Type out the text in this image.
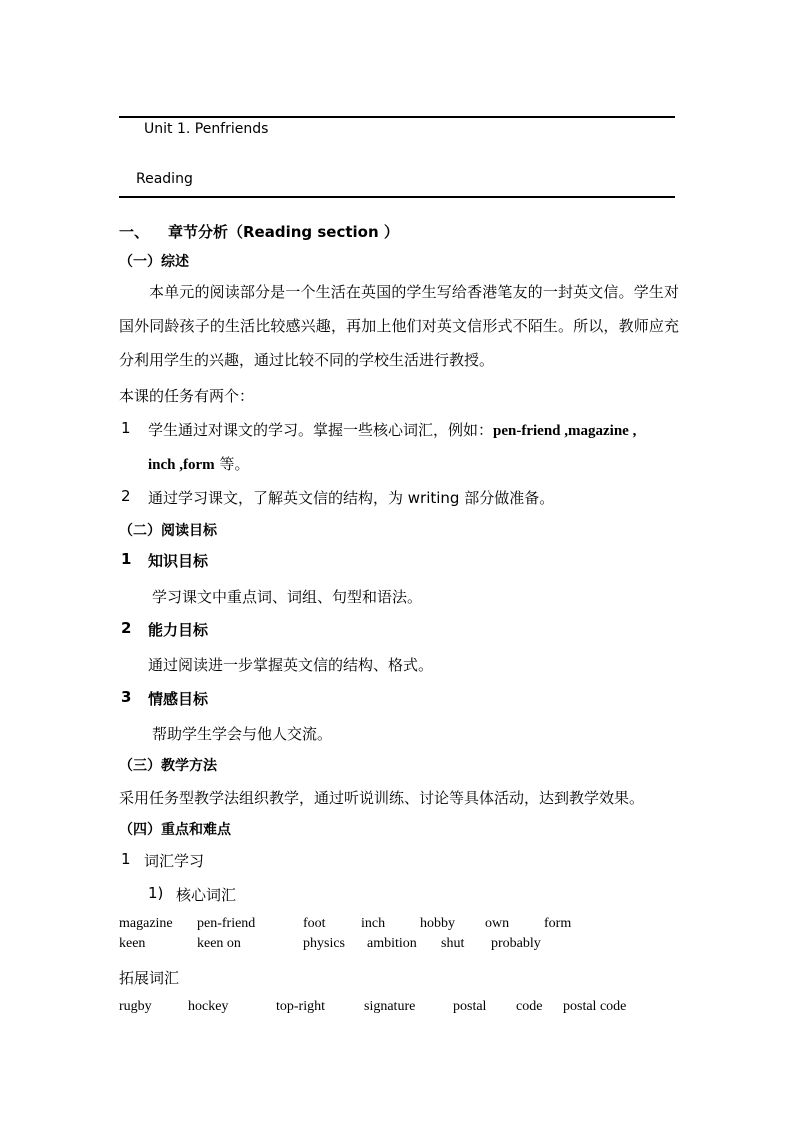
Unit 1. Penfriends
Reading
一、 章节分析（Reading section ）
（一）综述
本单元的阅读部分是一个生活在英国的学生写给香港笔友的一封英文信。学生对国外同龄孩子的生活比较感兴趣，再加上他们对英文信形式不陌生。所以，教师应充分利用学生的兴趣，通过比较不同的学校生活进行教授。
本课的任务有两个：
1 学生通过对课文的学习。掌握一些核心词汇，例如：pen-friend ,magazine ,
inch ,form 等。
2 通过学习课文，了解英文信的结构，为 writing 部分做准备。
（二）阅读目标
1 知识目标
学习课文中重点词、词组、句型和语法。
2 能力目标
通过阅读进一步掌握英文信的结构、格式。
3 情感目标
帮助学生学会与他人交流。
（三）教学方法
采用任务型教学法组织教学，通过听说训练、讨论等具体活动，达到教学效果。
（四）重点和难点
1 词汇学习
1) 核心词汇
magazine pen-friend	foot	inch hobby own form
keen	keen on	physics ambition shut probably
拓展词汇
rugby	hockey	top-right	signature	postal code postal code
